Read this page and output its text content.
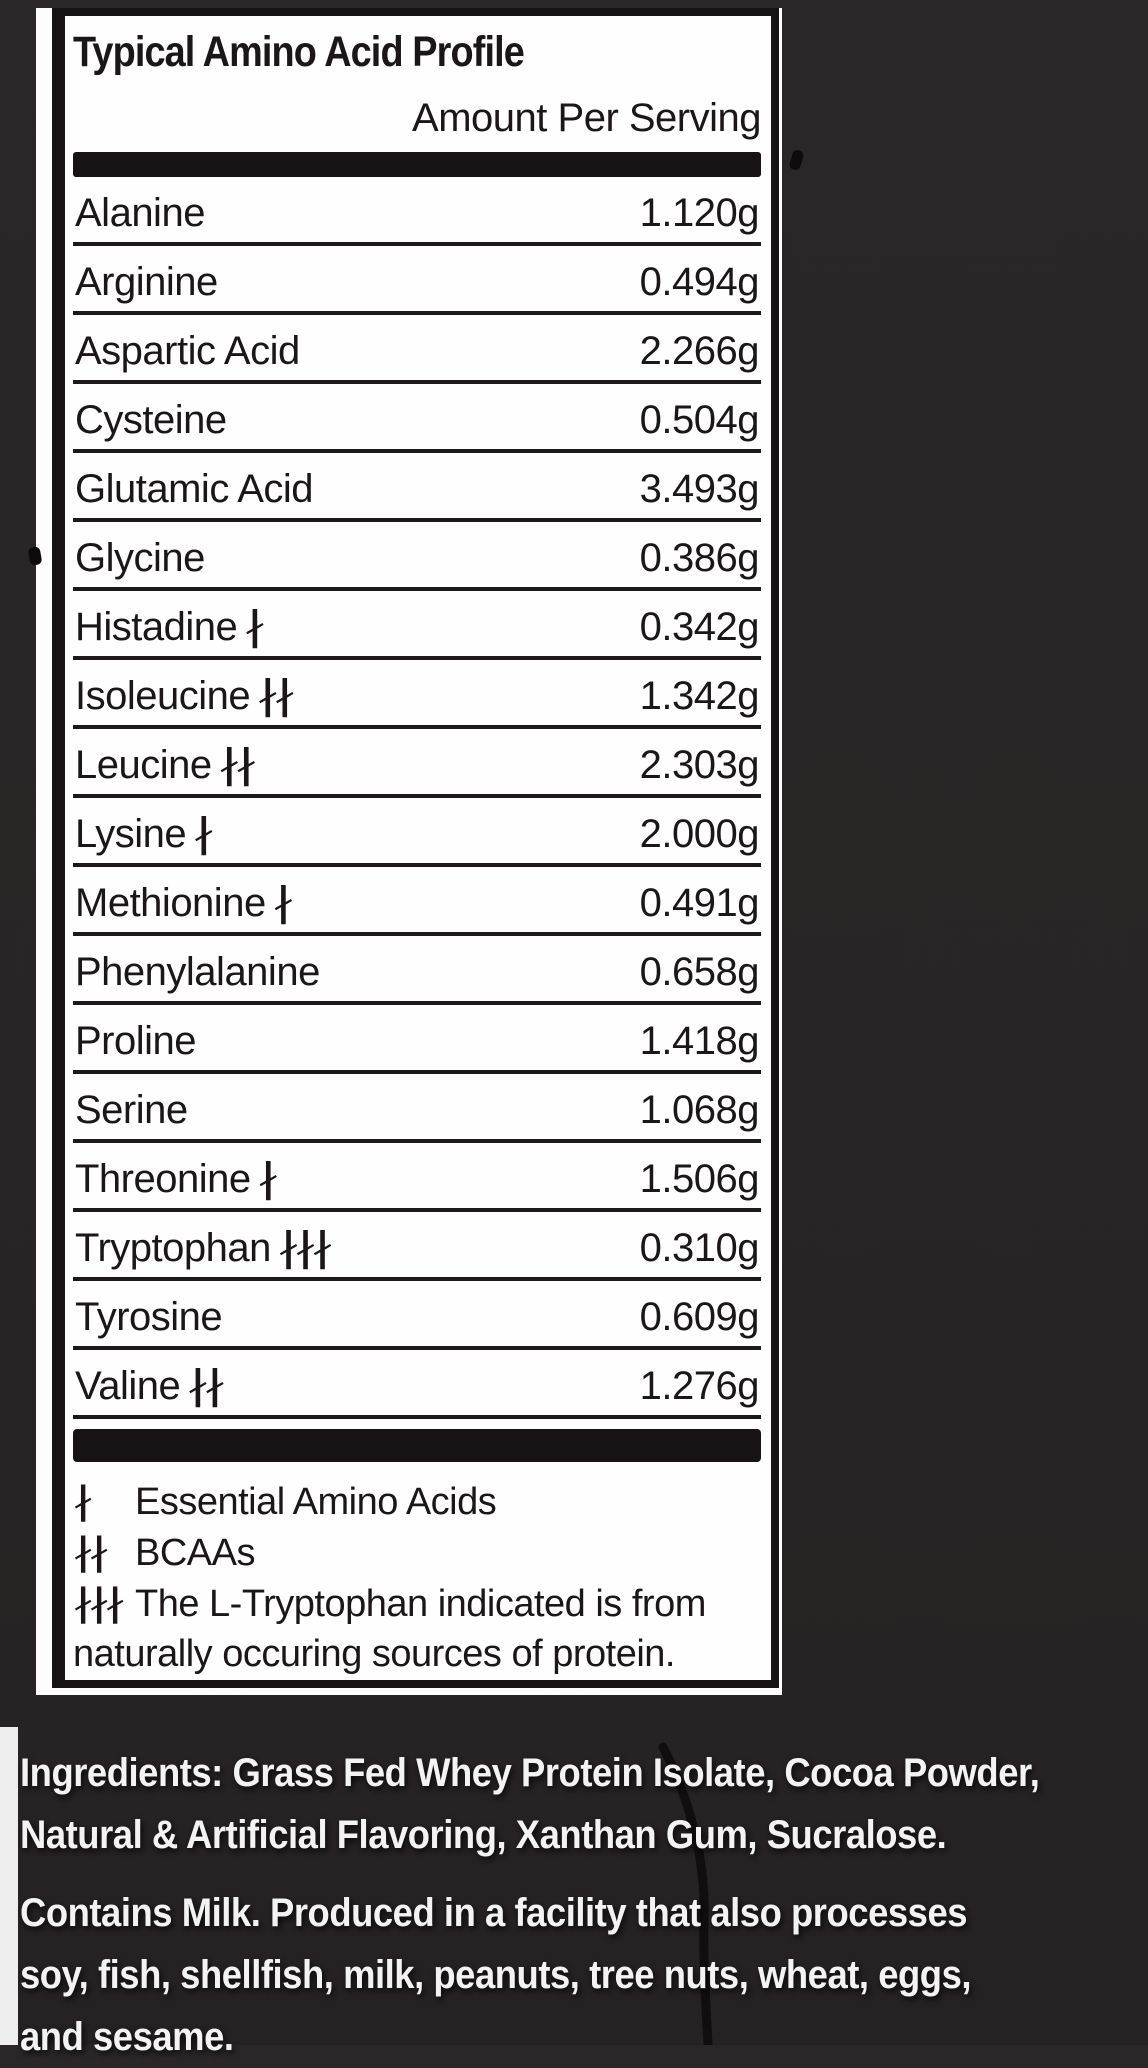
Typical Amino Acid Profile
Amount Per Serving
Alanine	1.120g
Arginine	0.494g
Aspartic Acid	2.266g
Cysteine	0.504g
Glutamic Acid	3.493g
Glycine	0.386g
Histadine ∤	0.342g
Isoleucine ∤∤	1.342g
Leucine ∤∤	2.303g
Lysine ∤	2.000g
Methionine ∤	0.491g
Phenylalanine	0.658g
Proline	1.418g
Serine	1.068g
Threonine ∤	1.506g
Tryptophan ∤∤∤	0.310g
Tyrosine	0.609g
Valine ∤∤	1.276g
∤ Essential Amino Acids
∤∤ BCAAs
∤∤∤ The L-Tryptophan indicated is from
naturally occuring sources of protein.
Ingredients: Grass Fed Whey Protein Isolate, Cocoa Powder,
Natural & Artificial Flavoring, Xanthan Gum, Sucralose.
Contains Milk. Produced in a facility that also processes
soy, fish, shellfish, milk, peanuts, tree nuts, wheat, eggs,
and sesame.
